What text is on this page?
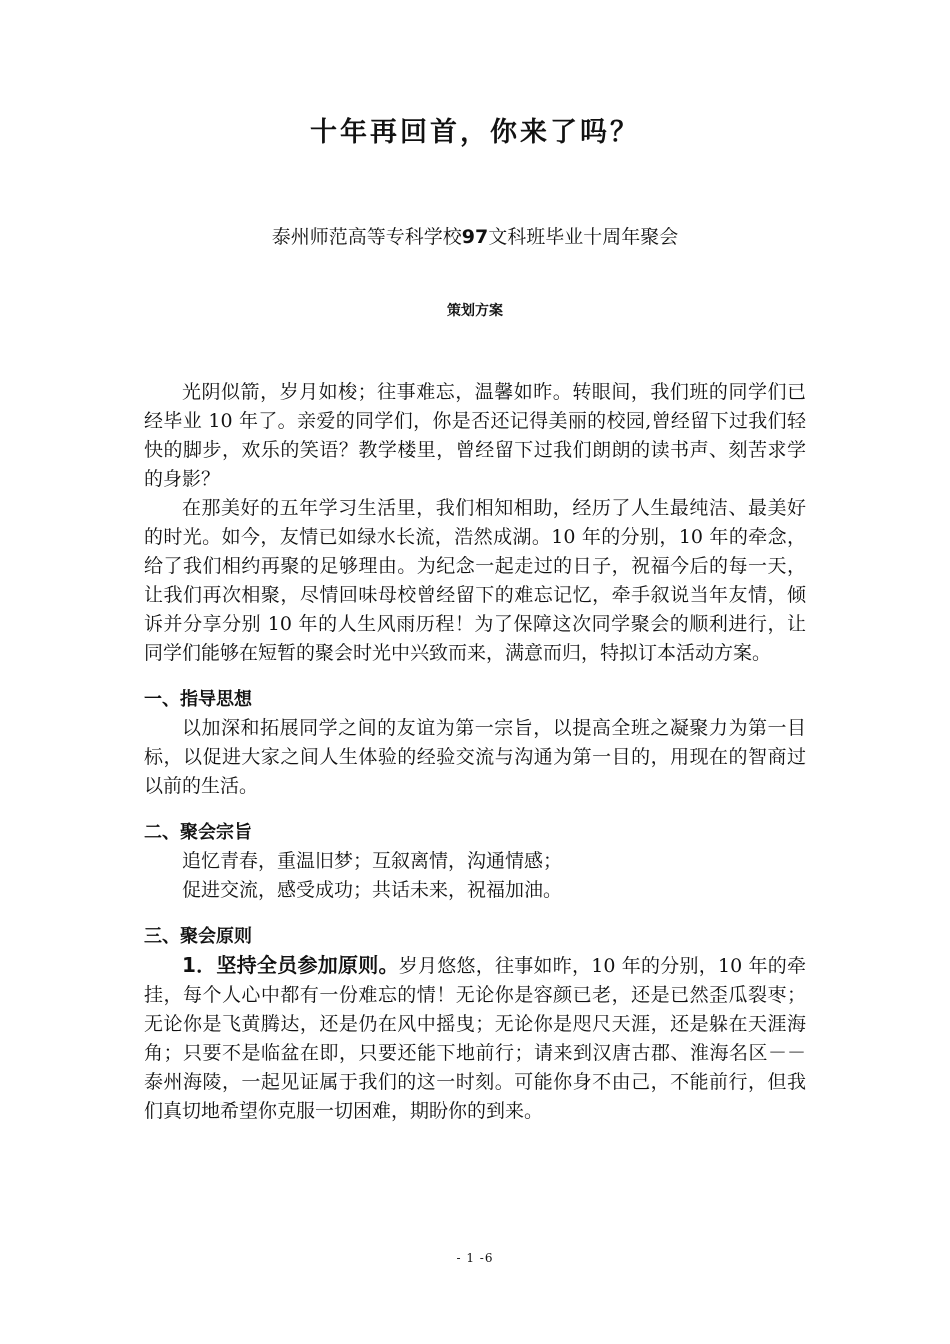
十年再回首，你来了吗？
泰州师范高等专科学校97文科班毕业十周年聚会
策划方案

光阴似箭，岁月如梭；往事难忘，温馨如昨。转眼间，我们班的同学们已经毕业 10 年了。亲爱的同学们，你是否还记得美丽的校园,曾经留下过我们轻快的脚步，欢乐的笑语？教学楼里，曾经留下过我们朗朗的读书声、刻苦求学的身影？

在那美好的五年学习生活里，我们相知相助，经历了人生最纯洁、最美好的时光。如今，友情已如绿水长流，浩然成湖。10 年的分别，10 年的牵念，给了我们相约再聚的足够理由。为纪念一起走过的日子，祝福今后的每一天，让我们再次相聚，尽情回味母校曾经留下的难忘记忆，牵手叙说当年友情，倾诉并分享分别 10 年的人生风雨历程！为了保障这次同学聚会的顺利进行，让同学们能够在短暂的聚会时光中兴致而来，满意而归，特拟订本活动方案。

一、指导思想

以加深和拓展同学之间的友谊为第一宗旨，以提高全班之凝聚力为第一目标，以促进大家之间人生体验的经验交流与沟通为第一目的，用现在的智商过以前的生活。

二、聚会宗旨

追忆青春，重温旧梦；互叙离情，沟通情感；

促进交流，感受成功；共话未来，祝福加油。

三、聚会原则

1．坚持全员参加原则。岁月悠悠，往事如昨，10 年的分别，10 年的牵挂，每个人心中都有一份难忘的情！无论你是容颜已老，还是已然歪瓜裂枣；无论你是飞黄腾达，还是仍在风中摇曳；无论你是咫尺天涯，还是躲在天涯海角；只要不是临盆在即，只要还能下地前行；请来到汉唐古郡、淮海名区－－泰州海陵，一起见证属于我们的这一时刻。可能你身不由己，不能前行，但我们真切地希望你克服一切困难，期盼你的到来。

- 1 -6
